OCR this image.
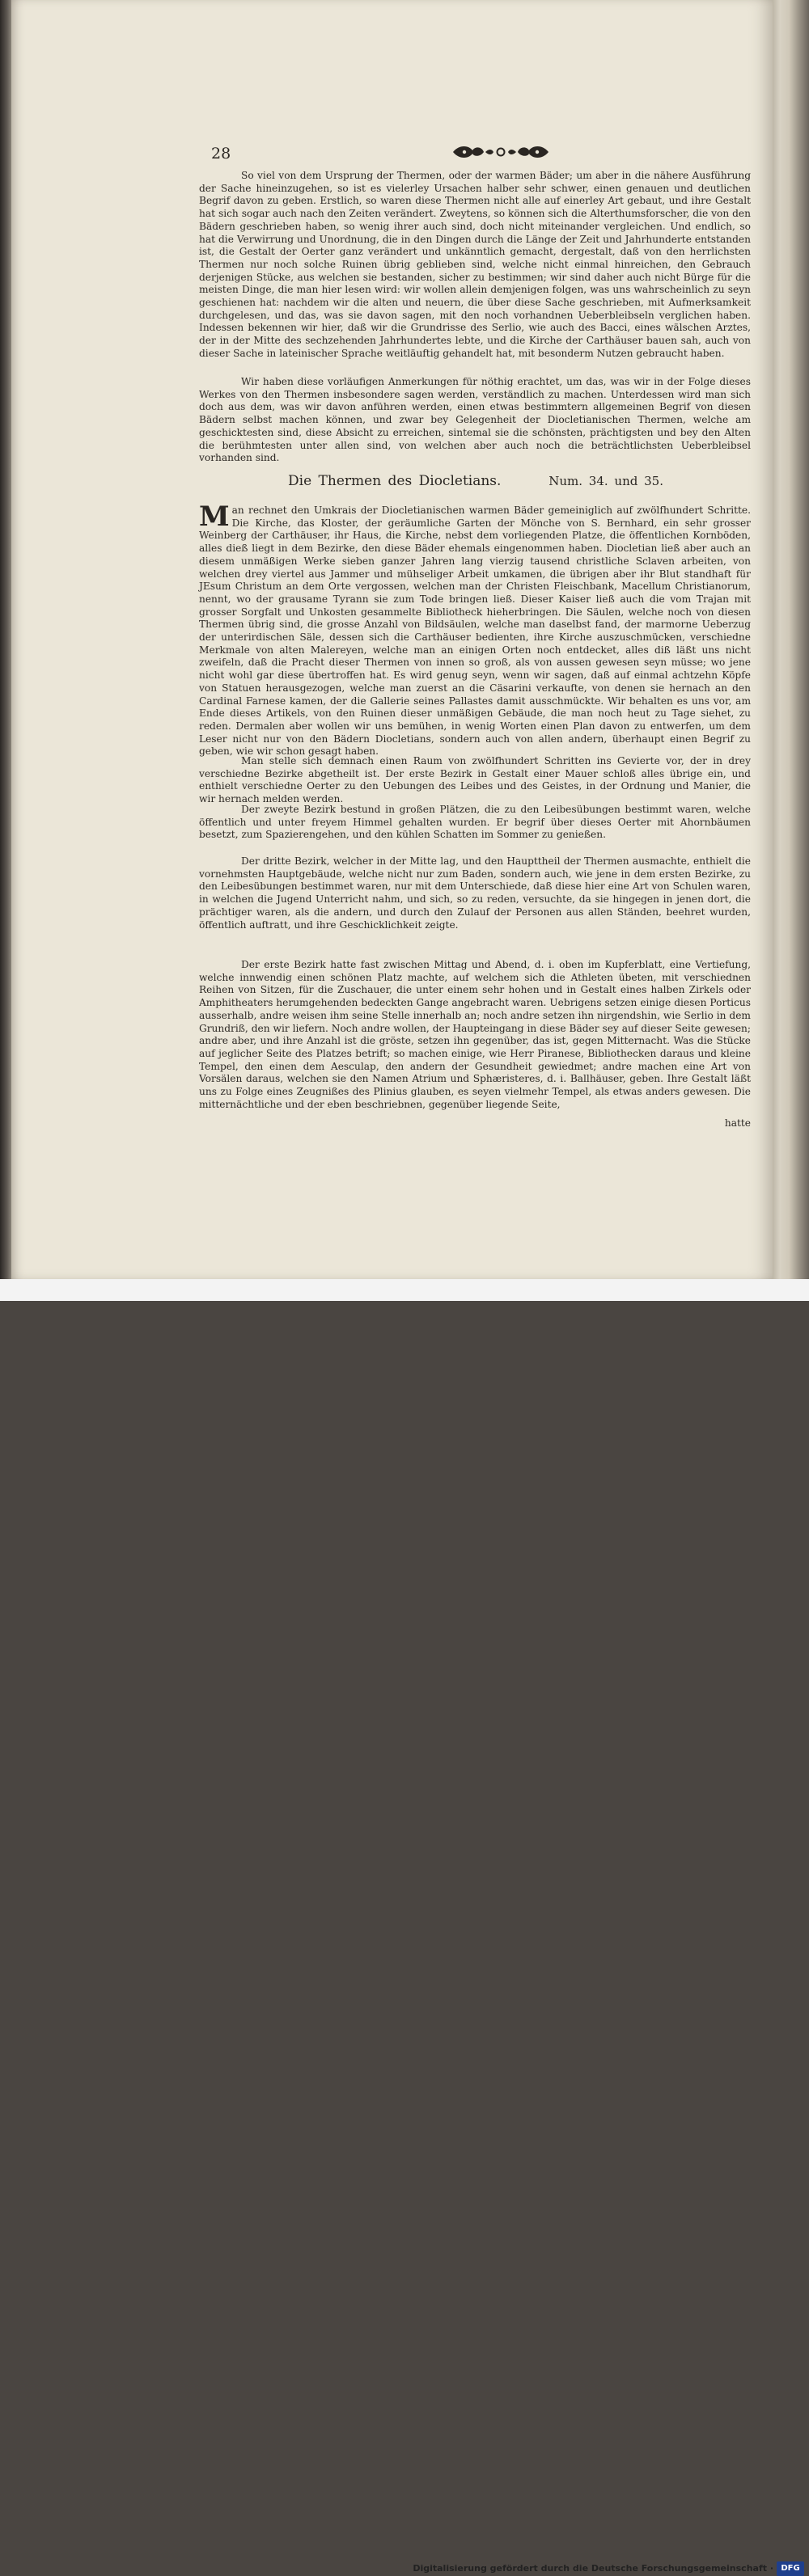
28

So viel von dem Ursprung der Thermen, oder der warmen Bäder; um aber in die nähere Ausführung der Sache hineinzugehen, so ist es vielerley Ursachen halber sehr schwer, einen genauen und deutlichen Begrif davon zu geben. Erstlich, so waren diese Thermen nicht alle auf einerley Art gebaut, und ihre Gestalt hat sich sogar auch nach den Zeiten verändert. Zweytens, so können sich die Alterthumsforscher, die von den Bädern geschrieben haben, so wenig ihrer auch sind, doch nicht miteinander vergleichen. Und endlich, so hat die Verwirrung und Unordnung, die in den Dingen durch die Länge der Zeit und Jahrhunderte entstanden ist, die Gestalt der Oerter ganz verändert und unkänntlich gemacht, dergestalt, daß von den herrlichsten Thermen nur noch solche Ruinen übrig geblieben sind, welche nicht einmal hinreichen, den Gebrauch derjenigen Stücke, aus welchen sie bestanden, sicher zu bestimmen; wir sind daher auch nicht Bürge für die meisten Dinge, die man hier lesen wird: wir wollen allein demjenigen folgen, was uns wahrscheinlich zu seyn geschienen hat: nachdem wir die alten und neuern, die über diese Sache geschrieben, mit Aufmerksamkeit durchgelesen, und das, was sie davon sagen, mit den noch vorhandnen Ueberbleibseln verglichen haben. Indessen bekennen wir hier, daß wir die Grundrisse des Serlio, wie auch des Bacci, eines wälschen Arztes, der in der Mitte des sechzehenden Jahrhundertes lebte, und die Kirche der Carthäuser bauen sah, auch von dieser Sache in lateinischer Sprache weitläuftig gehandelt hat, mit besonderm Nutzen gebraucht haben.

Wir haben diese vorläufigen Anmerkungen für nöthig erachtet, um das, was wir in der Folge dieses Werkes von den Thermen insbesondere sagen werden, verständlich zu machen. Unterdessen wird man sich doch aus dem, was wir davon anführen werden, einen etwas bestimmtern allgemeinen Begrif von diesen Bädern selbst machen können, und zwar bey Gelegenheit der Diocletianischen Thermen, welche am geschicktesten sind, diese Absicht zu erreichen, sintemal sie die schönsten, prächtigsten und bey den Alten die berühmtesten unter allen sind, von welchen aber auch noch die beträchtlichsten Ueberbleibsel vorhanden sind.

Die Thermen des Diocletians.	Num. 34. und 35.

Man rechnet den Umkrais der Diocletianischen warmen Bäder gemeiniglich auf zwölfhundert Schritte. Die Kirche, das Kloster, der geräumliche Garten der Mönche von S. Bernhard, ein sehr grosser Weinberg der Carthäuser, ihr Haus, die Kirche, nebst dem vorliegenden Platze, die öffentlichen Kornböden, alles dieß liegt in dem Bezirke, den diese Bäder ehemals eingenommen haben. Diocletian ließ aber auch an diesem unmäßigen Werke sieben ganzer Jahren lang vierzig tausend christliche Sclaven arbeiten, von welchen drey viertel aus Jammer und mühseliger Arbeit umkamen, die übrigen aber ihr Blut standhaft für JEsum Christum an dem Orte vergossen, welchen man der Christen Fleischbank, Macellum Christianorum, nennt, wo der grausame Tyrann sie zum Tode bringen ließ. Dieser Kaiser ließ auch die vom Trajan mit grosser Sorgfalt und Unkosten gesammelte Bibliotheck hieherbringen. Die Säulen, welche noch von diesen Thermen übrig sind, die grosse Anzahl von Bildsäulen, welche man daselbst fand, der marmorne Ueberzug der unterirdischen Säle, dessen sich die Carthäuser bedienten, ihre Kirche auszuschmücken, verschiedne Merkmale von alten Malereyen, welche man an einigen Orten noch entdecket, alles diß läßt uns nicht zweifeln, daß die Pracht dieser Thermen von innen so groß, als von aussen gewesen seyn müsse; wo jene nicht wohl gar diese übertroffen hat. Es wird genug seyn, wenn wir sagen, daß auf einmal achtzehn Köpfe von Statuen herausgezogen, welche man zuerst an die Cäsarini verkaufte, von denen sie hernach an den Cardinal Farnese kamen, der die Gallerie seines Pallastes damit ausschmückte. Wir behalten es uns vor, am Ende dieses Artikels, von den Ruinen dieser unmäßigen Gebäude, die man noch heut zu Tage siehet, zu reden. Dermalen aber wollen wir uns bemühen, in wenig Worten einen Plan davon zu entwerfen, um dem Leser nicht nur von den Bädern Diocletians, sondern auch von allen andern, überhaupt einen Begrif zu geben, wie wir schon gesagt haben.

Man stelle sich demnach einen Raum von zwölfhundert Schritten ins Gevierte vor, der in drey verschiedne Bezirke abgetheilt ist. Der erste Bezirk in Gestalt einer Mauer schloß alles übrige ein, und enthielt verschiedne Oerter zu den Uebungen des Leibes und des Geistes, in der Ordnung und Manier, die wir hernach melden werden.

Der zweyte Bezirk bestund in großen Plätzen, die zu den Leibesübungen bestimmt waren, welche öffentlich und unter freyem Himmel gehalten wurden. Er begrif über dieses Oerter mit Ahornbäumen besetzt, zum Spazierengehen, und den kühlen Schatten im Sommer zu genießen.

Der dritte Bezirk, welcher in der Mitte lag, und den Haupttheil der Thermen ausmachte, enthielt die vornehmsten Hauptgebäude, welche nicht nur zum Baden, sondern auch, wie jene in dem ersten Bezirke, zu den Leibesübungen bestimmet waren, nur mit dem Unterschiede, daß diese hier eine Art von Schulen waren, in welchen die Jugend Unterricht nahm, und sich, so zu reden, versuchte, da sie hingegen in jenen dort, die prächtiger waren, als die andern, und durch den Zulauf der Personen aus allen Ständen, beehret wurden, öffentlich auftratt, und ihre Geschicklichkeit zeigte.

Der erste Bezirk hatte fast zwischen Mittag und Abend, d. i. oben im Kupferblatt, eine Vertiefung, welche innwendig einen schönen Platz machte, auf welchem sich die Athleten übeten, mit verschiednen Reihen von Sitzen, für die Zuschauer, die unter einem sehr hohen und in Gestalt eines halben Zirkels oder Amphitheaters herumgehenden bedeckten Gange angebracht waren. Uebrigens setzen einige diesen Porticus ausserhalb, andre weisen ihm seine Stelle innerhalb an; noch andre setzen ihn nirgendshin, wie Serlio in dem Grundriß, den wir liefern. Noch andre wollen, der Haupteingang in diese Bäder sey auf dieser Seite gewesen; andre aber, und ihre Anzahl ist die gröste, setzen ihn gegenüber, das ist, gegen Mitternacht. Was die Stücke auf jeglicher Seite des Platzes betrift; so machen einige, wie Herr Piranese, Bibliothecken daraus und kleine Tempel, den einen dem Aesculap, den andern der Gesundheit gewiedmet; andre machen eine Art von Vorsälen daraus, welchen sie den Namen Atrium und Sphæristeres, d. i. Ballhäuser, geben. Ihre Gestalt läßt uns zu Folge eines Zeugnißes des Plinius glauben, es seyen vielmehr Tempel, als etwas anders gewesen. Die mitternächtliche und der eben beschriebnen, gegenüber liegende Seite,

hatte
Digitalisierung gefördert durch die Deutsche Forschungsgemeinschaft · DFG
